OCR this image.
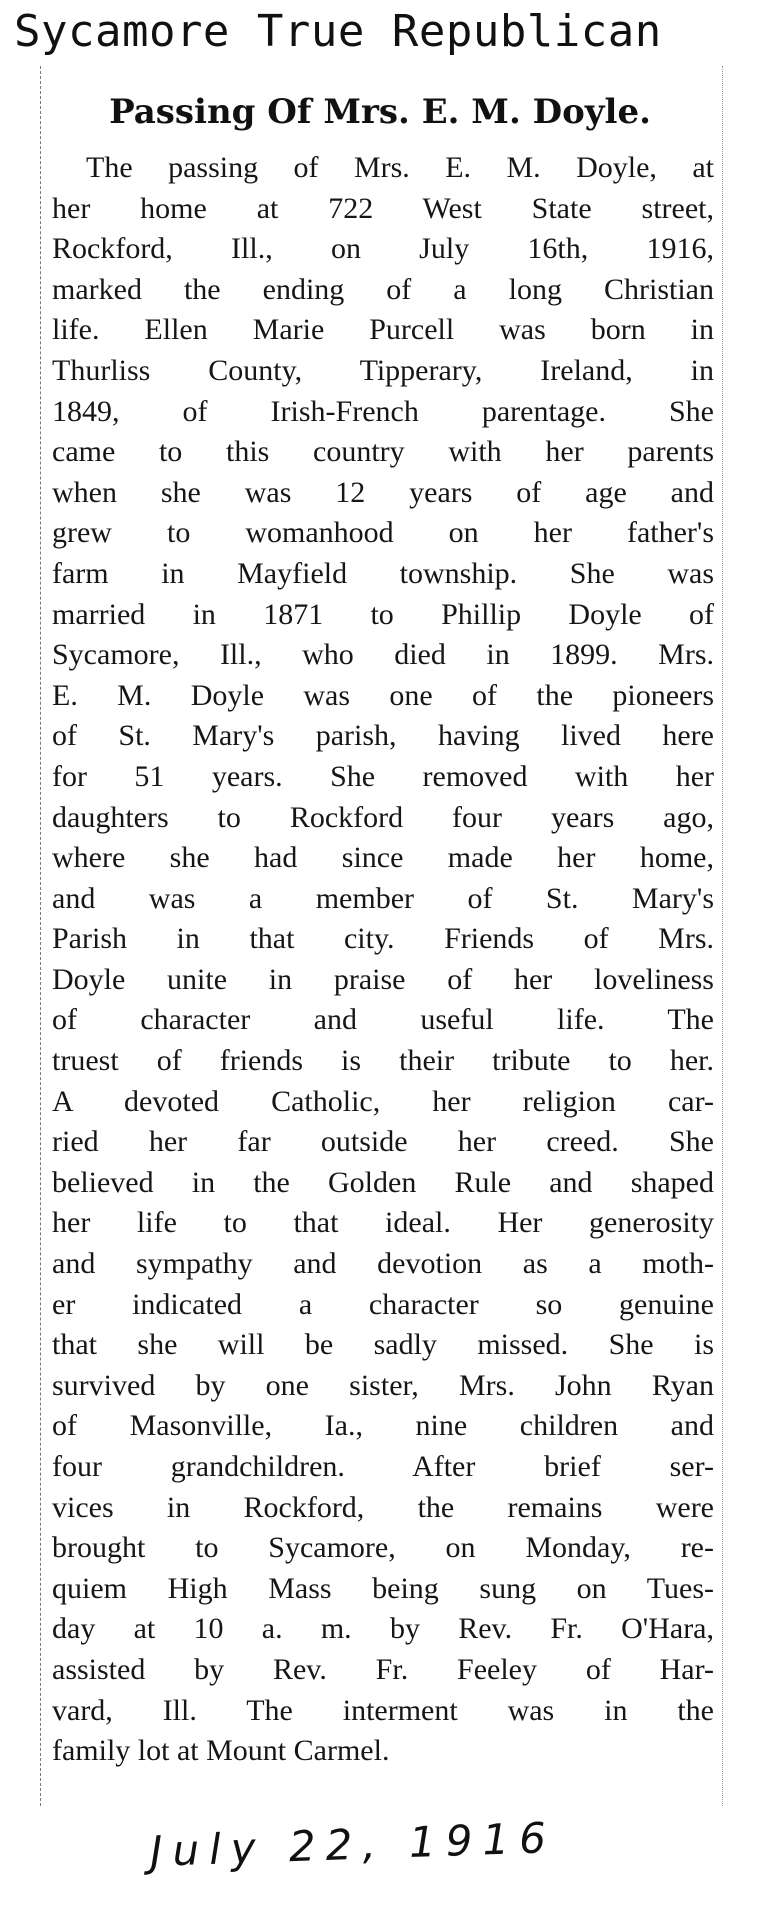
Sycamore True Republican
Passing Of Mrs. E. M. Doyle.
The passing of Mrs. E. M. Doyle, at
her home at 722 West State street,
Rockford, Ill., on July 16th, 1916,
marked the ending of a long Christian
life. Ellen Marie Purcell was born in
Thurliss County, Tipperary, Ireland, in
1849, of Irish-French parentage. She
came to this country with her parents
when she was 12 years of age and
grew to womanhood on her father's
farm in Mayfield township. She was
married in 1871 to Phillip Doyle of
Sycamore, Ill., who died in 1899. Mrs.
E. M. Doyle was one of the pioneers
of St. Mary's parish, having lived here
for 51 years. She removed with her
daughters to Rockford four years ago,
where she had since made her home,
and was a member of St. Mary's
Parish in that city. Friends of Mrs.
Doyle unite in praise of her loveliness
of character and useful life. The
truest of friends is their tribute to her.
A devoted Catholic, her religion car-
ried her far outside her creed. She
believed in the Golden Rule and shaped
her life to that ideal. Her generosity
and sympathy and devotion as a moth-
er indicated a character so genuine
that she will be sadly missed. She is
survived by one sister, Mrs. John Ryan
of Masonville, Ia., nine children and
four grandchildren. After brief ser-
vices in Rockford, the remains were
brought to Sycamore, on Monday, re-
quiem High Mass being sung on Tues-
day at 10 a. m. by Rev. Fr. O'Hara,
assisted by Rev. Fr. Feeley of Har-
vard, Ill. The interment was in the
family lot at Mount Carmel.
July 22, 1916
